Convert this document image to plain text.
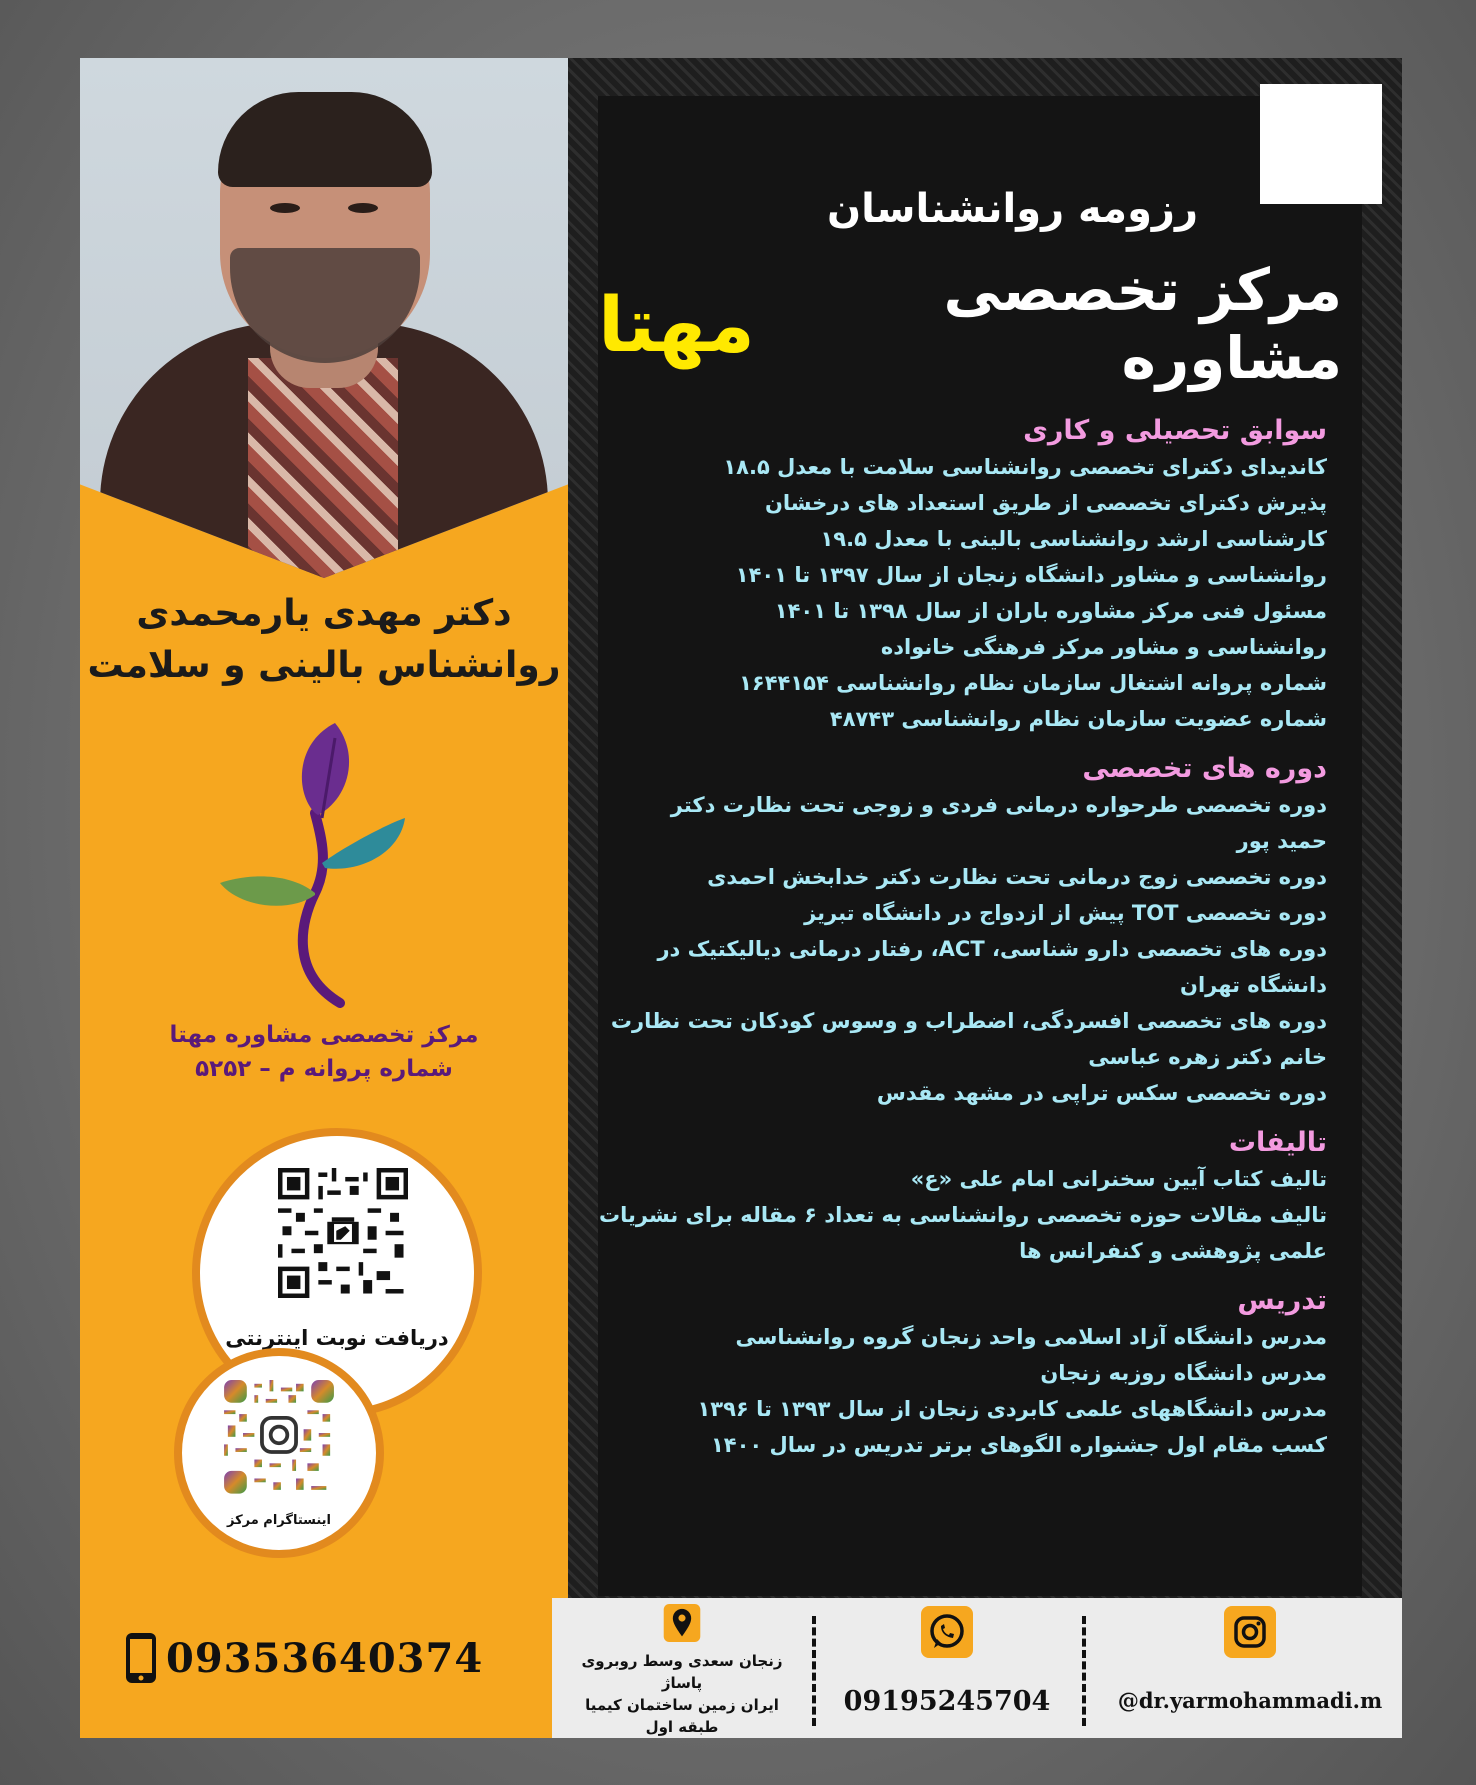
دکتر مهدی یارمحمدی
روانشناس بالینی و سلامت
مرکز تخصصی مشاوره مهتا
شماره پروانه م – ۵۲۵۲
دریافت نوبت اینترنتی
اینستاگرام مرکز
09353640374
رزومه روانشناسان
مرکز تخصصی مشاوره
مهتا
سوابق تحصیلی و کاری
کاندیدای دکترای تخصصی روانشناسی سلامت با معدل ۱۸.۵
پذیرش دکترای تخصصی از طریق استعداد های درخشان
کارشناسی ارشد روانشناسی بالینی با معدل ۱۹.۵
روانشناسی و مشاور دانشگاه زنجان از سال ۱۳۹۷ تا ۱۴۰۱
مسئول فنی مرکز مشاوره باران از سال ۱۳۹۸ تا ۱۴۰۱
روانشناسی و مشاور مرکز فرهنگی خانواده
شماره پروانه اشتغال سازمان نظام روانشناسی ۱۶۴۴۱۵۴
شماره عضویت سازمان نظام روانشناسی ۴۸۷۴۳
دوره های تخصصی
دوره تخصصی طرحواره درمانی فردی و زوجی تحت نظارت دکتر
حمید پور
دوره تخصصی زوج درمانی تحت نظارت دکتر خدابخش احمدی
دوره تخصصی TOT پیش از ازدواج در دانشگاه تبریز
دوره های تخصصی دارو شناسی، ACT، رفتار درمانی دیالیکتیک در
دانشگاه تهران
دوره های تخصصی افسردگی، اضطراب و وسوس کودکان تحت نظارت
خانم دکتر زهره عباسی
دوره تخصصی سکس تراپی در مشهد مقدس
تالیفات
تالیف کتاب آیین سخنرانی امام علی «ع»
تالیف مقالات حوزه تخصصی روانشناسی به تعداد ۶ مقاله برای نشریات
علمی پژوهشی و کنفرانس ها
تدریس
مدرس دانشگاه آزاد اسلامی واحد زنجان گروه روانشناسی
مدرس دانشگاه روزبه زنجان
مدرس دانشگاههای علمی کابردی زنجان از سال ۱۳۹۳ تا ۱۳۹۶
کسب مقام اول جشنواره الگوهای برتر تدریس در سال ۱۴۰۰
زنجان سعدی وسط روبروی پاساژ
ایران زمین ساختمان کیمیا
طبقه اول
09195245704	@dr.yarmohammadi.m
